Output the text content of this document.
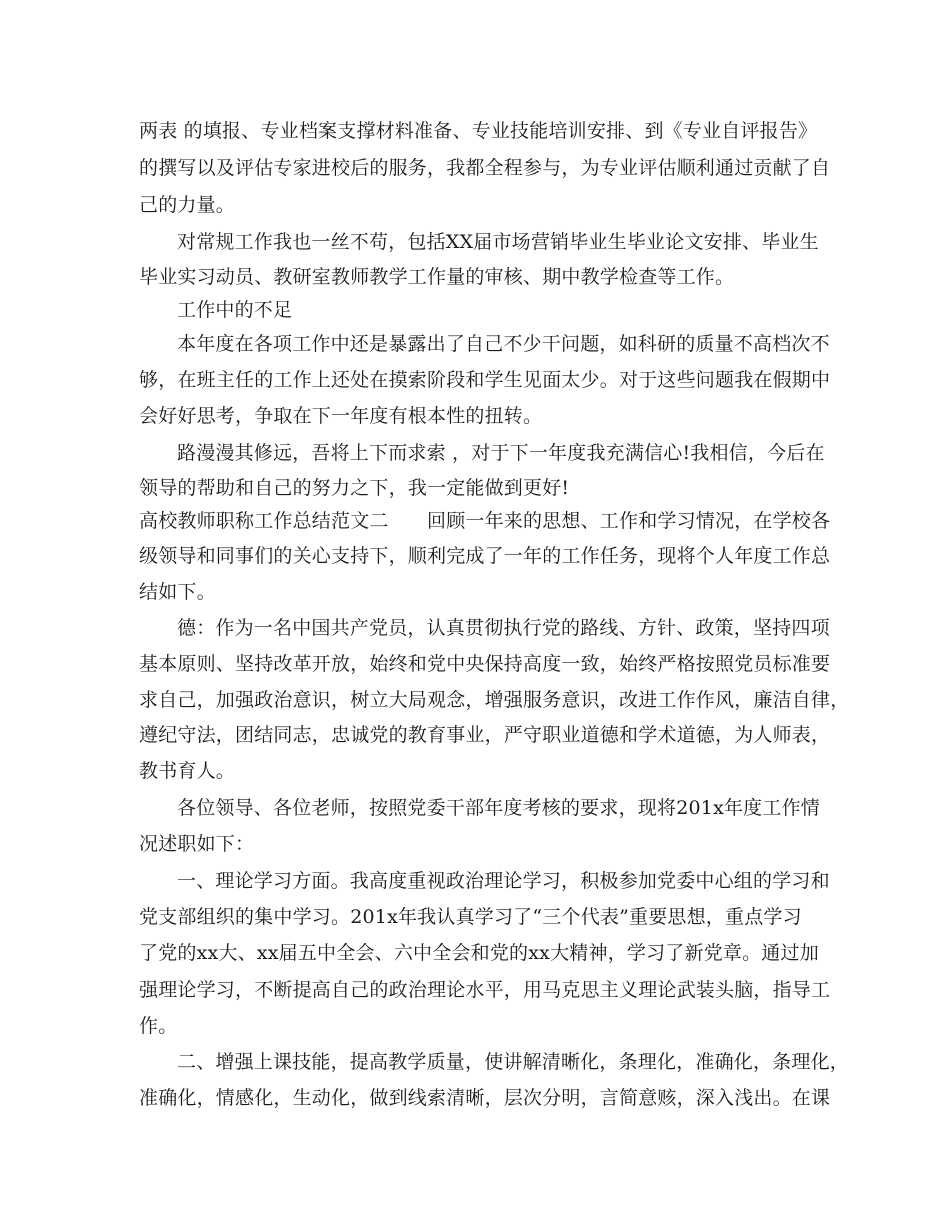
两表 的填报、专业档案支撑材料准备、专业技能培训安排、到《专业自评报告》
的撰写以及评估专家进校后的服务，我都全程参与，为专业评估顺利通过贡献了自
己的力量。
对常规工作我也一丝不苟，包括XX届市场营销毕业生毕业论文安排、毕业生
毕业实习动员、教研室教师教学工作量的审核、期中教学检查等工作。
工作中的不足
本年度在各项工作中还是暴露出了自己不少干问题，如科研的质量不高档次不
够，在班主任的工作上还处在摸索阶段和学生见面太少。对于这些问题我在假期中
会好好思考，争取在下一年度有根本性的扭转。
路漫漫其修远，吾将上下而求索 ，对于下一年度我充满信心!我相信，今后在
领导的帮助和自己的努力之下，我一定能做到更好!
高校教师职称工作总结范文二　　回顾一年来的思想、工作和学习情况，在学校各
级领导和同事们的关心支持下，顺利完成了一年的工作任务，现将个人年度工作总
结如下。
德：作为一名中国共产党员，认真贯彻执行党的路线、方针、政策，坚持四项
基本原则、坚持改革开放，始终和党中央保持高度一致，始终严格按照党员标准要
求自己，加强政治意识，树立大局观念，增强服务意识，改进工作作风，廉洁自律，
遵纪守法，团结同志，忠诚党的教育事业，严守职业道德和学术道德，为人师表，
教书育人。
各位领导、各位老师，按照党委干部年度考核的要求，现将201x年度工作情
况述职如下：
一、理论学习方面。我高度重视政治理论学习，积极参加党委中心组的学习和
党支部组织的集中学习。201x年我认真学习了“三个代表”重要思想，重点学习
了党的xx大、xx届五中全会、六中全会和党的xx大精神，学习了新党章。通过加
强理论学习，不断提高自己的政治理论水平，用马克思主义理论武装头脑，指导工
作。
二、增强上课技能，提高教学质量，使讲解清晰化，条理化，准确化，条理化，
准确化，情感化，生动化，做到线索清晰，层次分明，言简意赅，深入浅出。在课
